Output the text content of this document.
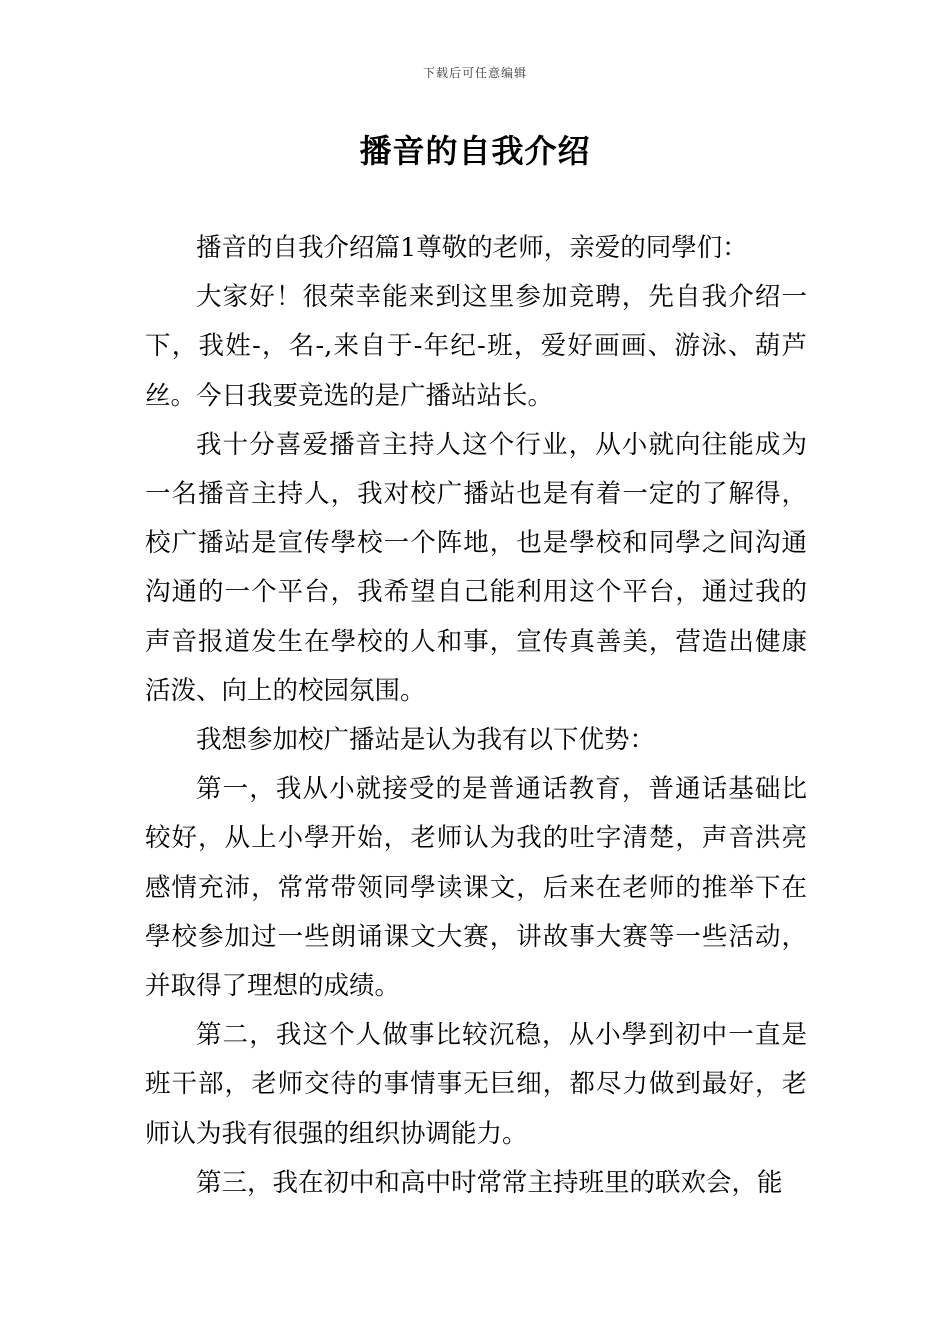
下载后可任意编辑
播音的自我介绍

播音的自我介绍篇1尊敬的老师，亲爱的同學们：

大家好！很荣幸能来到这里参加竞聘，先自我介绍一下，我姓-，名-,来自于-年纪-班，爱好画画、游泳、葫芦丝。今日我要竞选的是广播站站长。

我十分喜爱播音主持人这个行业，从小就向往能成为一名播音主持人，我对校广播站也是有着一定的了解得，校广播站是宣传學校一个阵地，也是學校和同學之间沟通沟通的一个平台，我希望自己能利用这个平台，通过我的声音报道发生在學校的人和事，宣传真善美，营造出健康活泼、向上的校园氛围。

我想参加校广播站是认为我有以下优势：

第一，我从小就接受的是普通话教育，普通话基础比较好，从上小學开始，老师认为我的吐字清楚，声音洪亮感情充沛，常常带领同學读课文，后来在老师的推举下在學校参加过一些朗诵课文大赛，讲故事大赛等一些活动，并取得了理想的成绩。

第二，我这个人做事比较沉稳，从小學到初中一直是班干部，老师交待的事情事无巨细，都尽力做到最好，老师认为我有很强的组织协调能力。

第三，我在初中和高中时常常主持班里的联欢会，能
